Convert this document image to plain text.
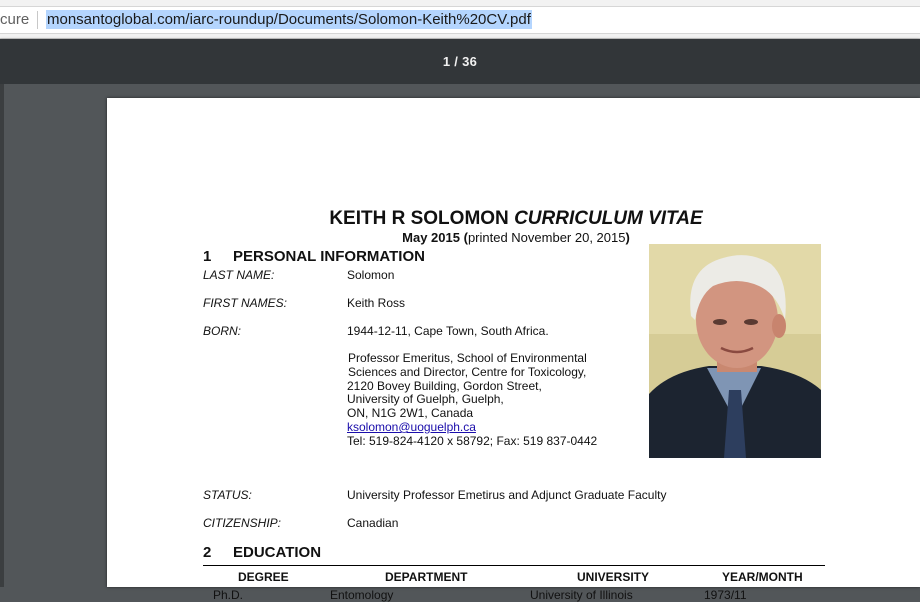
cure monsantoglobal.com/iarc-roundup/Documents/Solomon-Keith%20CV.pdf
1 / 36
KEITH R SOLOMON CURRICULUM VITAE
May 2015 (printed November 20, 2015)
1 PERSONAL INFORMATION
LAST NAME:	Solomon
FIRST NAMES:	Keith Ross
BORN:	1944-12-11, Cape Town, South Africa.
Professor Emeritus, School of Environmental
Sciences and Director, Centre for Toxicology,
2120 Bovey Building, Gordon Street,
University of Guelph, Guelph,
ON, N1G 2W1, Canada
ksolomon@uoguelph.ca
Tel: 519-824-4120 x 58792; Fax: 519 837-0442
STATUS:	University Professor Emetirus and Adjunct Graduate Faculty
CITIZENSHIP:	Canadian
2 EDUCATION
DEGREE	DEPARTMENT	UNIVERSITY	YEAR/MONTH
Ph.D.	Entomology	University of Illinois	1973/11
